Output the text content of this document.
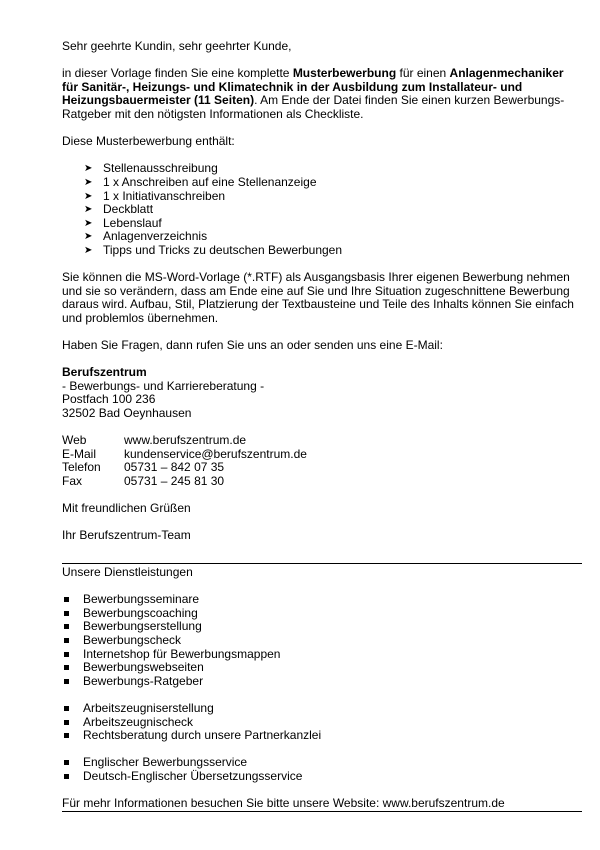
Sehr geehrte Kundin, sehr geehrter Kunde,

in dieser Vorlage finden Sie eine komplette Musterbewerbung für einen Anlagenmechaniker für Sanitär-, Heizungs- und Klimatechnik in der Ausbildung zum Installateur- und Heizungsbauermeister (11 Seiten). Am Ende der Datei finden Sie einen kurzen Bewerbungs-Ratgeber mit den nötigsten Informationen als Checkliste.

Diese Musterbewerbung enthält:

➤ Stellenausschreibung
➤ 1 x Anschreiben auf eine Stellenanzeige
➤ 1 x Initiativanschreiben
➤ Deckblatt
➤ Lebenslauf
➤ Anlagenverzeichnis
➤ Tipps und Tricks zu deutschen Bewerbungen

Sie können die MS-Word-Vorlage (*.RTF) als Ausgangsbasis Ihrer eigenen Bewerbung nehmen und sie so verändern, dass am Ende eine auf Sie und Ihre Situation zugeschnittene Bewerbung daraus wird. Aufbau, Stil, Platzierung der Textbausteine und Teile des Inhalts können Sie einfach und problemlos übernehmen.

Haben Sie Fragen, dann rufen Sie uns an oder senden uns eine E-Mail:

Berufszentrum

- Bewerbungs- und Karriereberatung -

Postfach 100 236

32502 Bad Oeynhausen

Web	www.berufszentrum.de
E-Mail	kundenservice@berufszentrum.de
Telefon	05731 – 842 07 35
Fax	05731 – 245 81 30

Mit freundlichen Grüßen

Ihr Berufszentrum-Team

Unsere Dienstleistungen

Bewerbungsseminare
Bewerbungscoaching
Bewerbungserstellung
Bewerbungscheck
Internetshop für Bewerbungsmappen
Bewerbungswebseiten
Bewerbungs-Ratgeber
Arbeitszeugniserstellung
Arbeitszeugnischeck
Rechtsberatung durch unsere Partnerkanzlei
Englischer Bewerbungsservice
Deutsch-Englischer Übersetzungsservice

Für mehr Informationen besuchen Sie bitte unsere Website: www.berufszentrum.de
